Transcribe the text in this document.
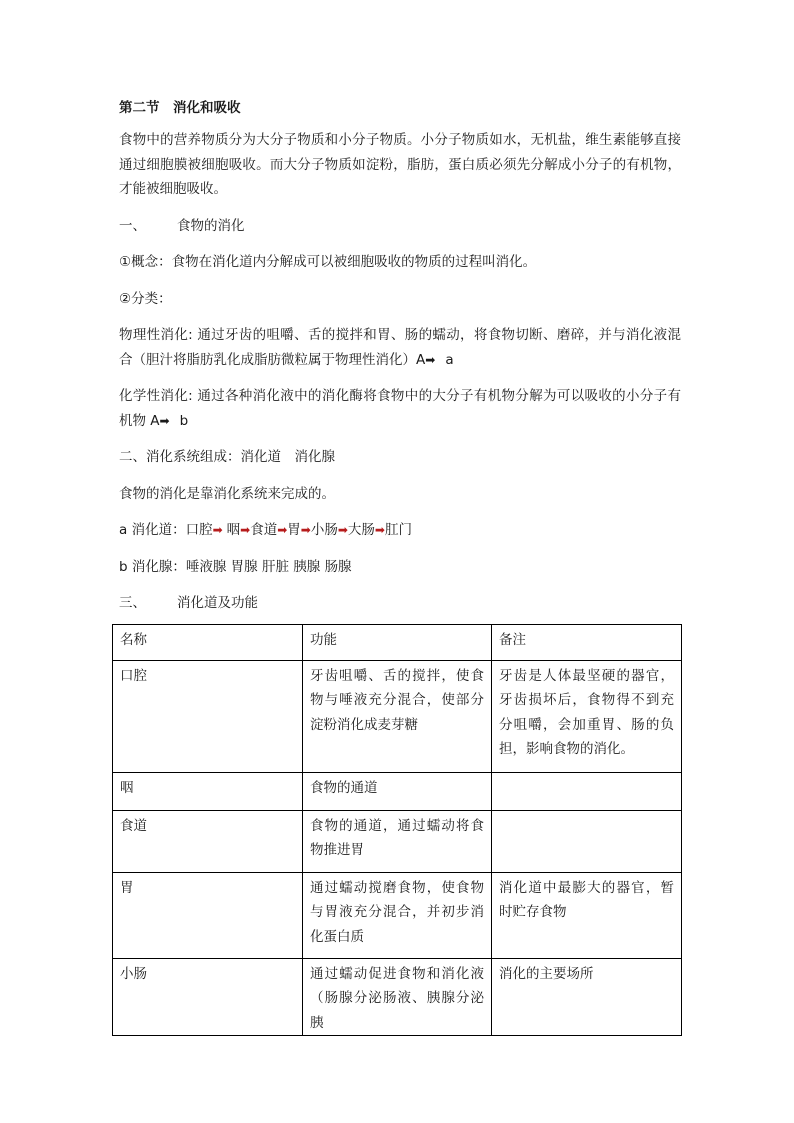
第二节　消化和吸收
食物中的营养物质分为大分子物质和小分子物质。小分子物质如水，无机盐，维生素能够直接通过细胞膜被细胞吸收。而大分子物质如淀粉，脂肪，蛋白质必须先分解成小分子的有机物，才能被细胞吸收。
一、 食物的消化
①概念：食物在消化道内分解成可以被细胞吸收的物质的过程叫消化。
②分类：
物理性消化: 通过牙齿的咀嚼、舌的搅拌和胃、肠的蠕动，将食物切断、磨碎，并与消化液混合（胆汁将脂肪乳化成脂肪微粒属于物理性消化）A➡ a
化学性消化: 通过各种消化液中的消化酶将食物中的大分子有机物分解为可以吸收的小分子有机物 A➡ b
二、消化系统组成：消化道　消化腺
食物的消化是靠消化系统来完成的。
a 消化道：口腔➡ 咽➡食道➡胃➡小肠➡大肠➡肛门
b 消化腺：唾液腺 胃腺 肝脏 胰腺 肠腺
三、 消化道及功能
名称	功能	备注
口腔	牙齿咀嚼、舌的搅拌，使食物与唾液充分混合，使部分淀粉消化成麦芽糖	牙齿是人体最坚硬的器官，牙齿损坏后，食物得不到充分咀嚼，会加重胃、肠的负担，影响食物的消化。
咽	食物的通道	
食道	食物的通道，通过蠕动将食物推进胃	
胃	通过蠕动搅磨食物，使食物与胃液充分混合，并初步消化蛋白质	消化道中最膨大的器官，暂时贮存食物
小肠	通过蠕动促进食物和消化液（肠腺分泌肠液、胰腺分泌胰	消化的主要场所
